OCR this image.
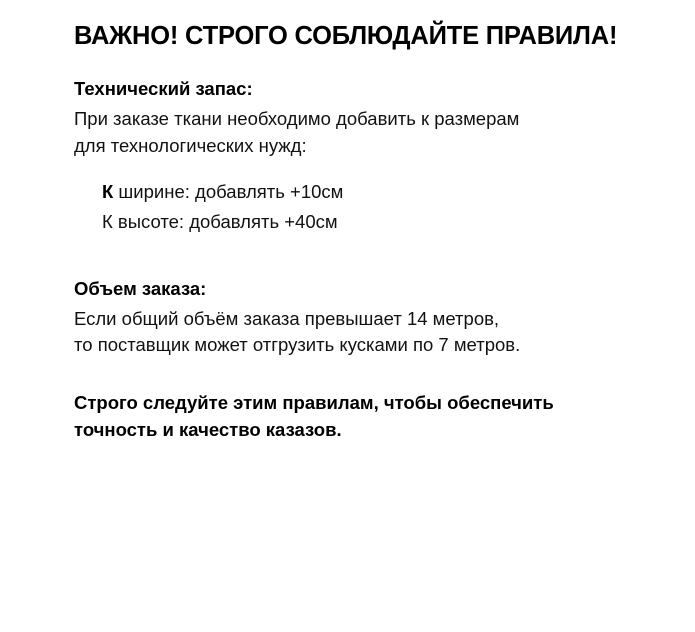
ВАЖНО! СТРОГО СОБЛЮДАЙТЕ ПРАВИЛА!
Технический запас:

При заказе ткани необходимо добавить к размерам

для технологических нужд:

К ширине: добавлять +10см
К высоте: добавлять +40см
Объем заказа:

Если общий объём заказа превышает 14 метров,

то поставщик может отгрузить кусками по 7 метров.

Строго следуйте этим правилам, чтобы обеспечить

точность и качество казазов.
